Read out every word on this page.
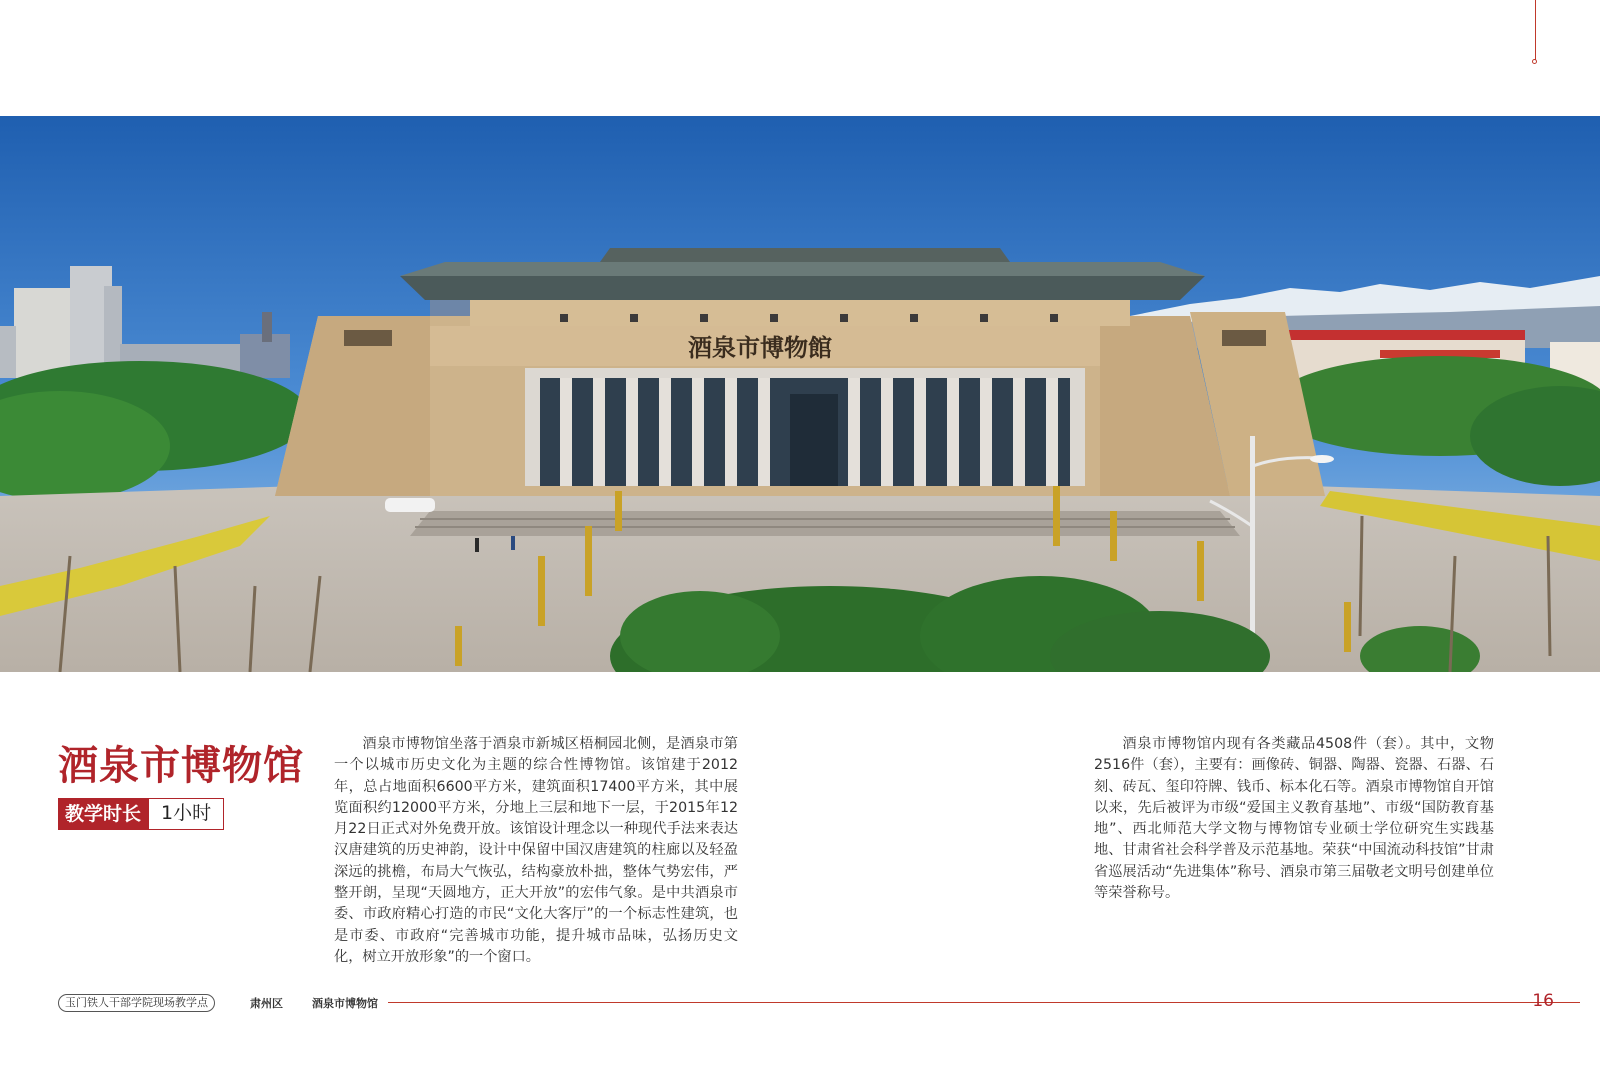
酒泉市博物館
酒泉市博物馆
教学时长	1小时

酒泉市博物馆坐落于酒泉市新城区梧桐园北侧，是酒泉市第一个以城市历史文化为主题的综合性博物馆。该馆建于2012年，总占地面积6600平方米，建筑面积17400平方米，其中展览面积约12000平方米，分地上三层和地下一层，于2015年12月22日正式对外免费开放。该馆设计理念以一种现代手法来表达汉唐建筑的历史神韵，设计中保留中国汉唐建筑的柱廊以及轻盈深远的挑檐，布局大气恢弘，结构豪放朴拙，整体气势宏伟，严整开朗，呈现“天圆地方，正大开放”的宏伟气象。是中共酒泉市委、市政府精心打造的市民“文化大客厅”的一个标志性建筑，也是市委、市政府“完善城市功能，提升城市品味，弘扬历史文化，树立开放形象”的一个窗口。

酒泉市博物馆内现有各类藏品4508件（套）。其中，文物2516件（套），主要有：画像砖、铜器、陶器、瓷器、石器、石刻、砖瓦、玺印符牌、钱币、标本化石等。酒泉市博物馆自开馆以来，先后被评为市级“爱国主义教育基地”、市级“国防教育基地”、西北师范大学文物与博物馆专业硕士学位研究生实践基地、甘肃省社会科学普及示范基地。荣获“中国流动科技馆”甘肃省巡展活动“先进集体”称号、酒泉市第三届敬老文明号创建单位等荣誉称号。

玉门铁人干部学院现场教学点	肃州区	酒泉市博物馆	16
